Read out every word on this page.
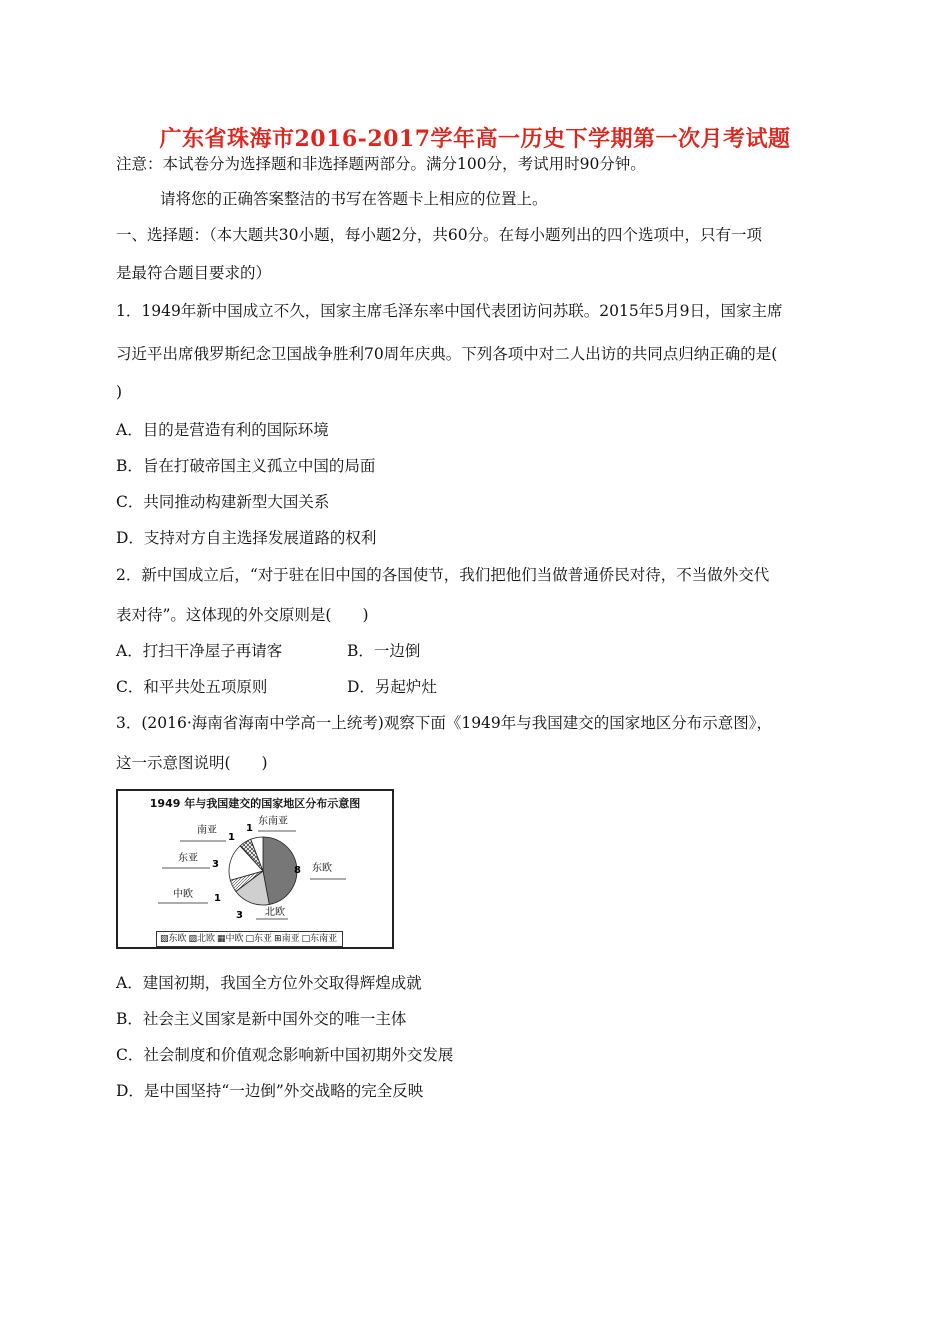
广东省珠海市2016-2017学年高一历史下学期第一次月考试题
注意：本试卷分为选择题和非选择题两部分。满分100分，考试用时90分钟。
请将您的正确答案整洁的书写在答题卡上相应的位置上。
一、选择题：（本大题共30小题，每小题2分，共60分。在每小题列出的四个选项中，只有一项
是最符合题目要求的）
1．1949年新中国成立不久，国家主席毛泽东率中国代表团访问苏联。2015年5月9日，国家主席
习近平出席俄罗斯纪念卫国战争胜利70周年庆典。下列各项中对二人出访的共同点归纳正确的是(
)
A．目的是营造有利的国际环境
B．旨在打破帝国主义孤立中国的局面
C．共同推动构建新型大国关系
D．支持对方自主选择发展道路的权利
2．新中国成立后，“对于驻在旧中国的各国使节，我们把他们当做普通侨民对待，不当做外交代
表对待”。这体现的外交原则是(　　)
A．打扫干净屋子再请客	B．一边倒
C．和平共处五项原则	D．另起炉灶
3．(2016·海南省海南中学高一上统考)观察下面《1949年与我国建交的国家地区分布示意图》，
这一示意图说明(　　)
1949 年与我国建交的国家地区分布示意图
东欧
8
北欧
3
中欧 1
东亚
3
南亚
1
东南亚
1
▧东欧 ▨北欧 ▦中欧 □东亚 ⊞南亚 □东南亚
A．建国初期，我国全方位外交取得辉煌成就
B．社会主义国家是新中国外交的唯一主体
C．社会制度和价值观念影响新中国初期外交发展
D．是中国坚持“一边倒”外交战略的完全反映
